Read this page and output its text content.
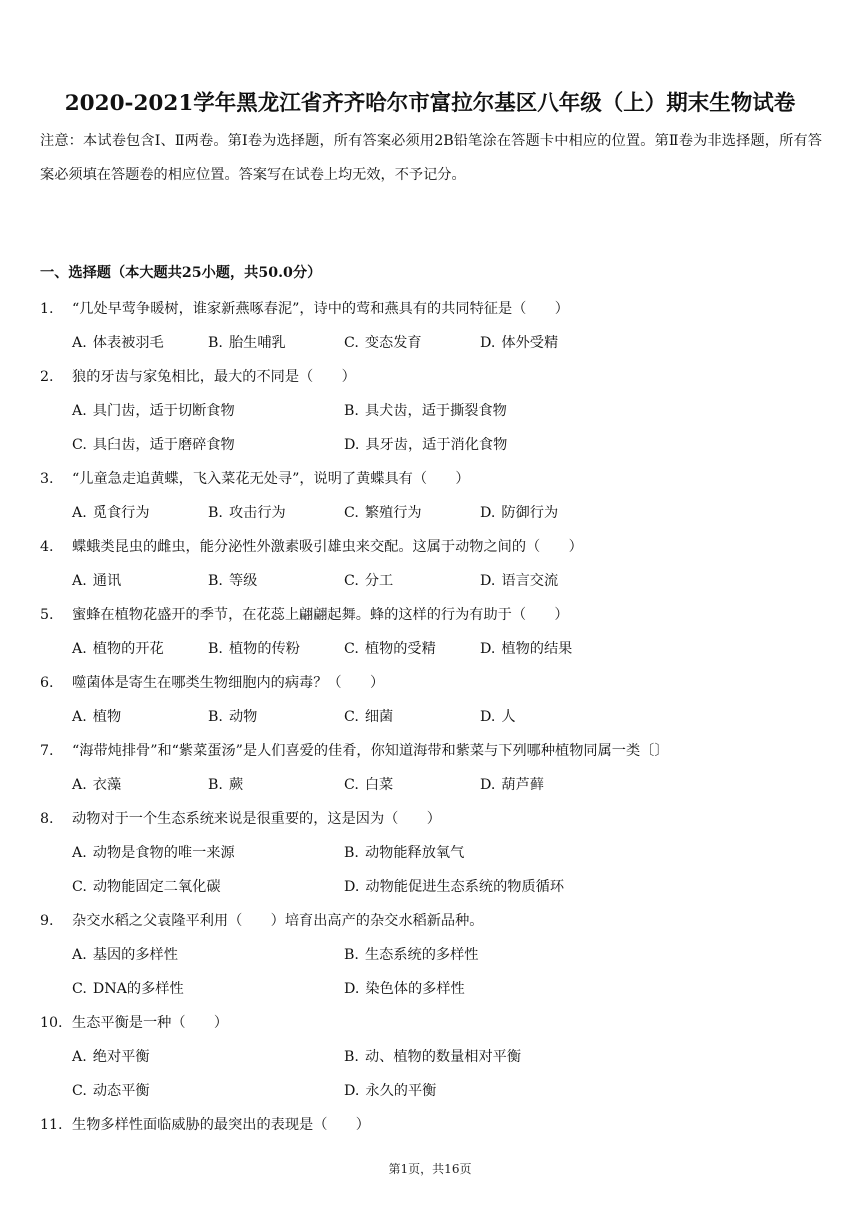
2020-2021学年黑龙江省齐齐哈尔市富拉尔基区八年级（上）期末生物试卷
注意：本试卷包含Ⅰ、Ⅱ两卷。第Ⅰ卷为选择题，所有答案必须用2B铅笔涂在答题卡中相应的位置。第Ⅱ卷为非选择题，所有答案必须填在答题卷的相应位置。答案写在试卷上均无效，不予记分。
一、选择题（本大题共25小题，共50.0分）
1. “几处早莺争暖树，谁家新燕啄春泥”，诗中的莺和燕具有的共同特征是（　　）
A. 体表被羽毛	B. 胎生哺乳	C. 变态发育	D. 体外受精
2. 狼的牙齿与家兔相比，最大的不同是（　　）
A. 具门齿，适于切断食物	B. 具犬齿，适于撕裂食物
C. 具臼齿，适于磨碎食物	D. 具牙齿，适于消化食物
3. “儿童急走追黄蝶，飞入菜花无处寻”，说明了黄蝶具有（　　）
A. 觅食行为	B. 攻击行为	C. 繁殖行为	D. 防御行为
4. 蝶蛾类昆虫的雌虫，能分泌性外激素吸引雄虫来交配。这属于动物之间的（　　）
A. 通讯	B. 等级	C. 分工	D. 语言交流
5. 蜜蜂在植物花盛开的季节，在花蕊上翩翩起舞。蜂的这样的行为有助于（　　）
A. 植物的开花	B. 植物的传粉	C. 植物的受精	D. 植物的结果
6. 噬菌体是寄生在哪类生物细胞内的病毒？（　　）
A. 植物	B. 动物	C. 细菌	D. 人
7. “海带炖排骨”和“紫菜蛋汤”是人们喜爱的佳肴，你知道海带和紫菜与下列哪种植物同属一类〔〕
A. 衣藻	B. 蕨	C. 白菜	D. 葫芦藓
8. 动物对于一个生态系统来说是很重要的，这是因为（　　）
A. 动物是食物的唯一来源	B. 动物能释放氧气
C. 动物能固定二氧化碳	D. 动物能促进生态系统的物质循环
9. 杂交水稻之父袁隆平利用（　　）培育出高产的杂交水稻新品种。
A. 基因的多样性	B. 生态系统的多样性
C. DNA的多样性	D. 染色体的多样性
10. 生态平衡是一种（　　）
A. 绝对平衡	B. 动、植物的数量相对平衡
C. 动态平衡	D. 永久的平衡
11. 生物多样性面临威胁的最突出的表现是（　　）
第1页，共16页
